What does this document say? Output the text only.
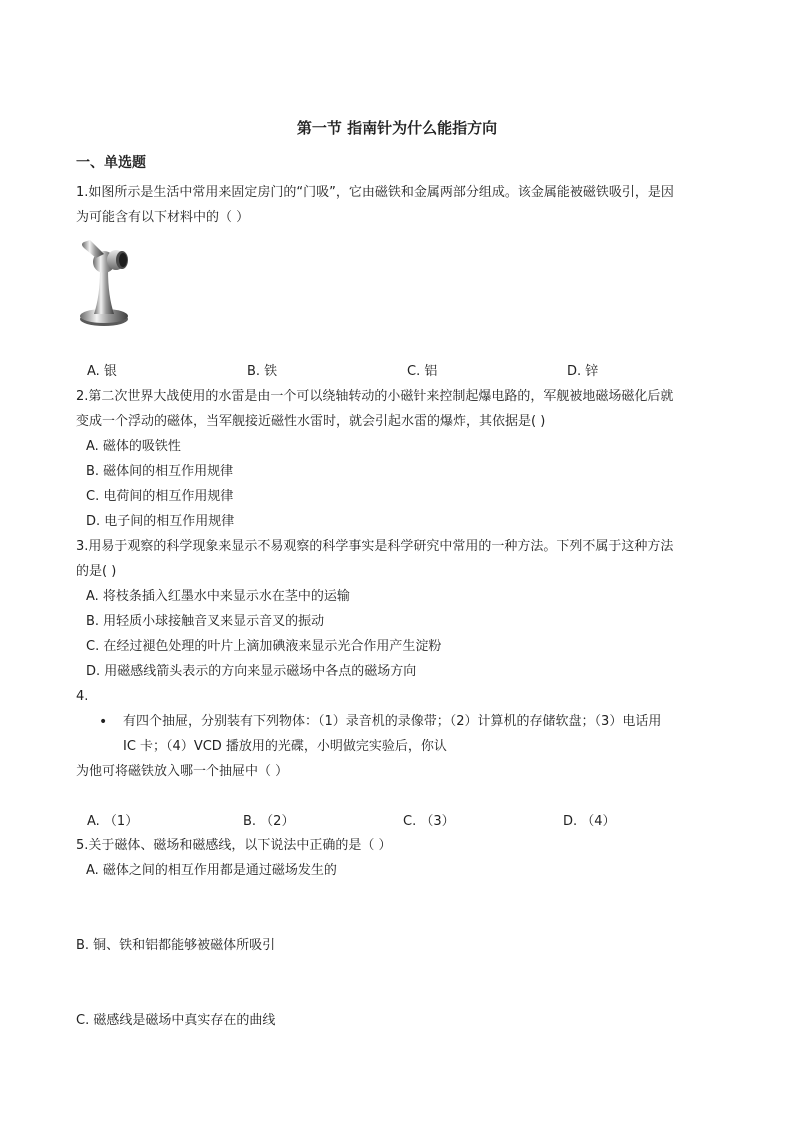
第一节 指南针为什么能指方向
一、单选题
1.如图所示是生活中常用来固定房门的“门吸”，它由磁铁和金属两部分组成。该金属能被磁铁吸引，是因
为可能含有以下材料中的（ ）
A. 银	B. 铁	C. 铝	D. 锌
2.第二次世界大战使用的水雷是由一个可以绕轴转动的小磁针来控制起爆电路的，军舰被地磁场磁化后就
变成一个浮动的磁体，当军舰接近磁性水雷时，就会引起水雷的爆炸，其依据是( )
A. 磁体的吸铁性
B. 磁体间的相互作用规律
C. 电荷间的相互作用规律
D. 电子间的相互作用规律
3.用易于观察的科学现象来显示不易观察的科学事实是科学研究中常用的一种方法。下列不属于这种方法
的是( )
A. 将枝条插入红墨水中来显示水在茎中的运输
B. 用轻质小球接触音叉来显示音叉的振动
C. 在经过褪色处理的叶片上滴加碘液来显示光合作用产生淀粉
D. 用磁感线箭头表示的方向来显示磁场中各点的磁场方向
4.
• 有四个抽屉，分别装有下列物体：（1）录音机的录像带；（2）计算机的存储软盘；（3）电话用
IC 卡；（4）VCD 播放用的光碟，小明做完实验后，你认
为他可将磁铁放入哪一个抽屉中（ ）
A. （1）	B. （2）	C. （3）	D. （4）
5.关于磁体、磁场和磁感线，以下说法中正确的是（ ）
A. 磁体之间的相互作用都是通过磁场发生的
B. 铜、铁和铝都能够被磁体所吸引
C. 磁感线是磁场中真实存在的曲线
